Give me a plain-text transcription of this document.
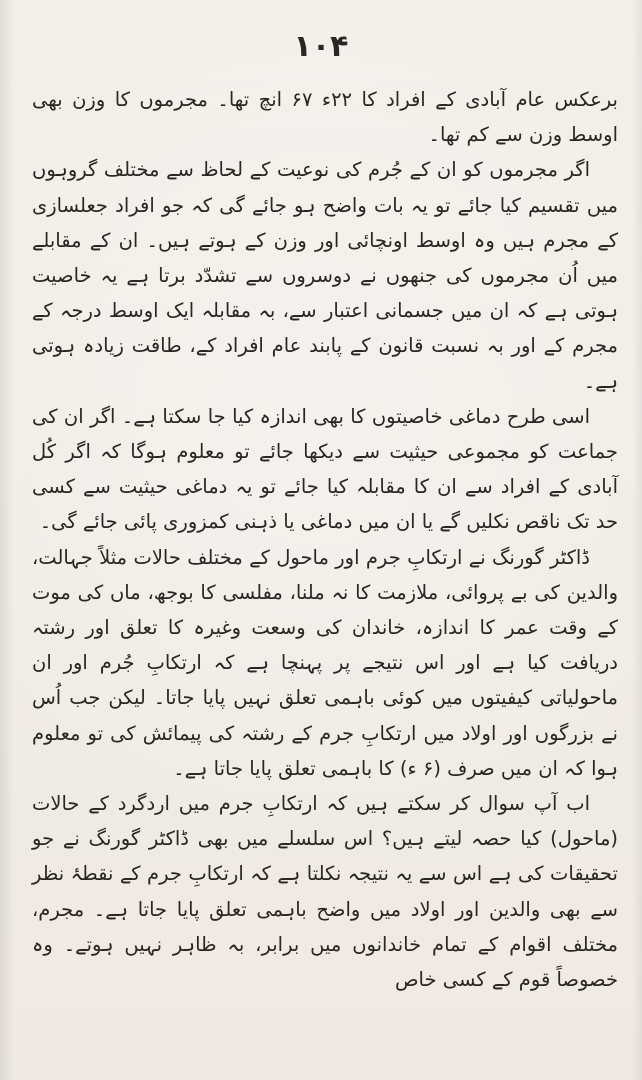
۱۰۴

برعکس عام آبادی کے افراد کا ۲۲ء ۶۷ انچ تھا۔ مجرموں کا وزن بھی اوسط وزن سے کم تھا۔

اگر مجرموں کو ان کے جُرم کی نوعیت کے لحاظ سے مختلف گروہوں میں تقسیم کیا جائے تو یہ بات واضح ہو جائے گی کہ جو افراد جعلسازی کے مجرم ہیں وہ اوسط اونچائی اور وزن کے ہوتے ہیں۔ ان کے مقابلے میں اُن مجرموں کی جنھوں نے دوسروں سے تشدّد برتا ہے یہ خاصیت ہوتی ہے کہ ان میں جسمانی اعتبار سے، بہ مقابلہ ایک اوسط درجہ کے مجرم کے اور بہ نسبت قانون کے پابند عام افراد کے، طاقت زیادہ ہوتی ہے۔

اسی طرح دماغی خاصیتوں کا بھی اندازہ کیا جا سکتا ہے۔ اگر ان کی جماعت کو مجموعی حیثیت سے دیکھا جائے تو معلوم ہوگا کہ اگر کُل آبادی کے افراد سے ان کا مقابلہ کیا جائے تو یہ دماغی حیثیت سے کسی حد تک ناقص نکلیں گے یا ان میں دماغی یا ذہنی کمزوری پائی جائے گی۔

ڈاکٹر گورنگ نے ارتکابِ جرم اور ماحول کے مختلف حالات مثلاً جہالت، والدین کی بے پروائی، ملازمت کا نہ ملنا، مفلسی کا بوجھ، ماں کی موت کے وقت عمر کا اندازہ، خاندان کی وسعت وغیرہ کا تعلق اور رشتہ دریافت کیا ہے اور اس نتیجے پر پہنچا ہے کہ ارتکابِ جُرم اور ان ماحولیاتی کیفیتوں میں کوئی باہمی تعلق نہیں پایا جاتا۔ لیکن جب اُس نے بزرگوں اور اولاد میں ارتکابِ جرم کے رشتہ کی پیمائش کی تو معلوم ہوا کہ ان میں صرف (۶ ء) کا باہمی تعلق پایا جاتا ہے۔

اب آپ سوال کر سکتے ہیں کہ ارتکابِ جرم میں اردگرد کے حالات (ماحول) کیا حصہ لیتے ہیں؟ اس سلسلے میں بھی ڈاکٹر گورنگ نے جو تحقیقات کی ہے اس سے یہ نتیجہ نکلتا ہے کہ ارتکابِ جرم کے نقطۂ نظر سے بھی والدین اور اولاد میں واضح باہمی تعلق پایا جاتا ہے۔ مجرم، مختلف اقوام کے تمام خاندانوں میں برابر، بہ ظاہر نہیں ہوتے۔ وہ خصوصاً قوم کے کسی خاص
